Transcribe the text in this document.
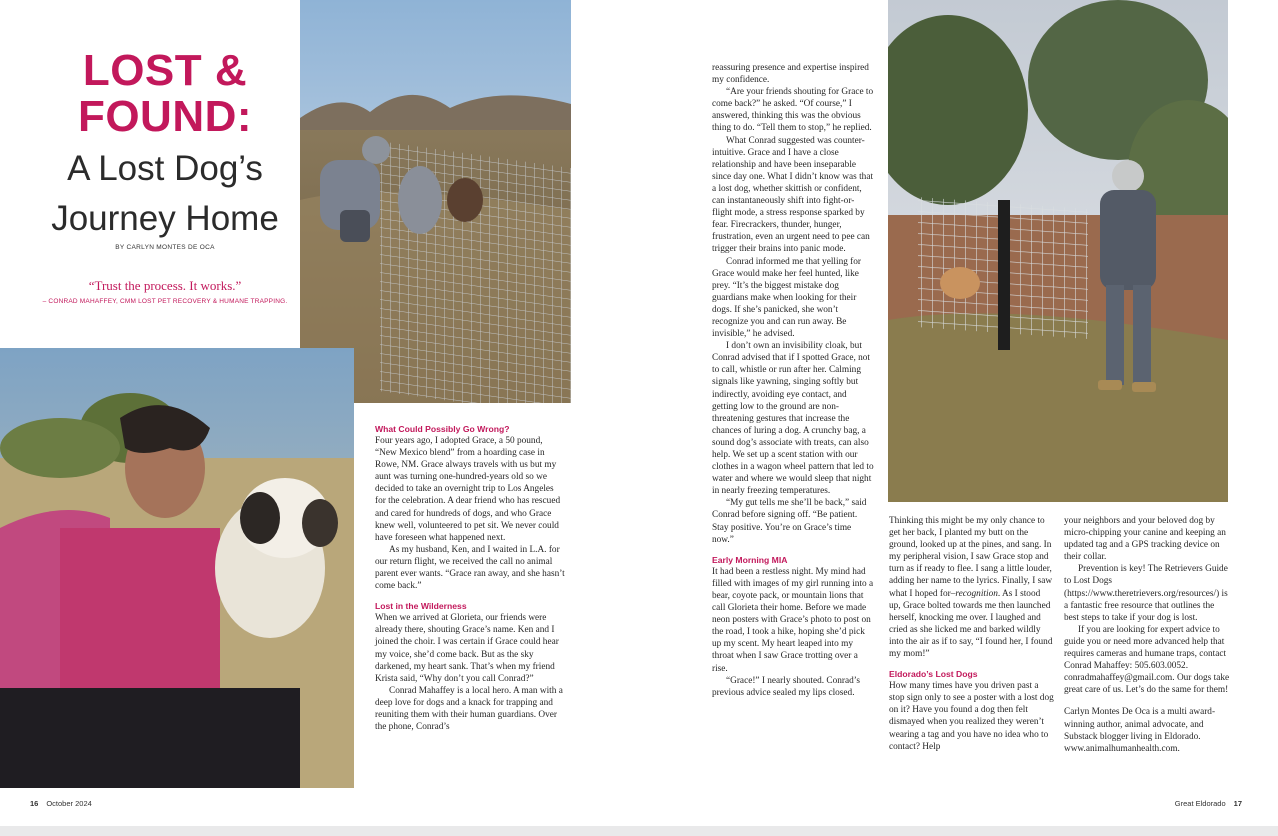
LOST &
FOUND:
A Lost Dog’s
Journey Home
BY CARLYN MONTES DE OCA
“Trust the process. It works.”
– CONRAD MAHAFFEY, CMM LOST PET RECOVERY & HUMANE TRAPPING.
What Could Possibly Go Wrong?

Four years ago, I adopted Grace, a 50 pound, “New Mexico blend” from a hoarding case in Rowe, NM. Grace always travels with us but my aunt was turning one-hundred-years old so we decided to take an overnight trip to Los Angeles for the celebration. A dear friend who has rescued and cared for hundreds of dogs, and who Grace knew well, volunteered to pet sit. We never could have foreseen what happened next.

As my husband, Ken, and I waited in L.A. for our return flight, we received the call no animal parent ever wants. “Grace ran away, and she hasn’t come back.”

Lost in the Wilderness

When we arrived at Glorieta, our friends were already there, shouting Grace’s name. Ken and I joined the choir. I was certain if Grace could hear my voice, she’d come back. But as the sky darkened, my heart sank. That’s when my friend Krista said, “Why don’t you call Conrad?”

Conrad Mahaffey is a local hero. A man with a deep love for dogs and a knack for trapping and reuniting them with their human guardians. Over the phone, Conrad’s

reassuring presence and expertise inspired my confidence.

“Are your friends shouting for Grace to come back?” he asked. “Of course,” I answered, thinking this was the obvious thing to do. “Tell them to stop,” he replied.

What Conrad suggested was counter-intuitive. Grace and I have a close relationship and have been inseparable since day one. What I didn’t know was that a lost dog, whether skittish or confident, can instantaneously shift into fight-or-flight mode, a stress response sparked by fear. Firecrackers, thunder, hunger, frustration, even an urgent need to pee can trigger their brains into panic mode.

Conrad informed me that yelling for Grace would make her feel hunted, like prey. “It’s the biggest mistake dog guardians make when looking for their dogs. If she’s panicked, she won’t recognize you and can run away. Be invisible,” he advised.

I don’t own an invisibility cloak, but Conrad advised that if I spotted Grace, not to call, whistle or run after her. Calming signals like yawning, singing softly but indirectly, avoiding eye contact, and getting low to the ground are non-threatening gestures that increase the chances of luring a dog. A crunchy bag, a sound dog’s associate with treats, can also help. We set up a scent station with our clothes in a wagon wheel pattern that led to water and where we would sleep that night in nearly freezing temperatures.

“My gut tells me she’ll be back,” said Conrad before signing off. “Be patient. Stay positive. You’re on Grace’s time now.”

Early Morning MIA

It had been a restless night. My mind had filled with images of my girl running into a bear, coyote pack, or mountain lions that call Glorieta their home. Before we made neon posters with Grace’s photo to post on the road, I took a hike, hoping she’d pick up my scent. My heart leaped into my throat when I saw Grace trotting over a rise.

“Grace!” I nearly shouted. Conrad’s previous advice sealed my lips closed.

Thinking this might be my only chance to get her back, I planted my butt on the ground, looked up at the pines, and sang. In my peripheral vision, I saw Grace stop and turn as if ready to flee. I sang a little louder, adding her name to the lyrics. Finally, I saw what I hoped for–recognition. As I stood up, Grace bolted towards me then launched herself, knocking me over. I laughed and cried as she licked me and barked wildly into the air as if to say, “I found her, I found my mom!”

Eldorado’s Lost Dogs

How many times have you driven past a stop sign only to see a poster with a lost dog on it? Have you found a dog then felt dismayed when you realized they weren’t wearing a tag and you have no idea who to contact? Help

your neighbors and your beloved dog by micro-chipping your canine and keeping an updated tag and a GPS tracking device on their collar.

Prevention is key! The Retrievers Guide to Lost Dogs (https://www.theretrievers.org/resources/) is a fantastic free resource that outlines the best steps to take if your dog is lost.

If you are looking for expert advice to guide you or need more advanced help that requires cameras and humane traps, contact Conrad Mahaffey: 505.603.0052. conradmahaffey@gmail.com. Our dogs take great care of us. Let’s do the same for them!

Carlyn Montes De Oca is a multi award-winning author, animal advocate, and Substack blogger living in Eldorado. www.animalhumanhealth.com.

16 October 2024	Great Eldorado 17
